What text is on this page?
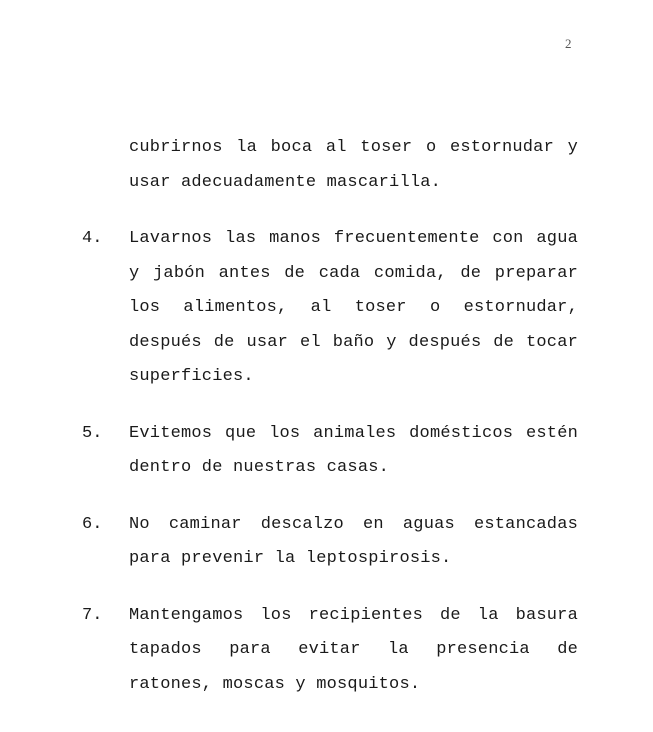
2
cubrirnos la boca al toser o estornudar y usar adecuadamente mascarilla.
4. Lavarnos las manos frecuentemente con agua y jabón antes de cada comida, de preparar los alimentos, al toser o estornudar, después de usar el baño y después de tocar superficies.
5. Evitemos que los animales domésticos estén dentro de nuestras casas.
6. No caminar descalzo en aguas estancadas para prevenir la leptospirosis.
7. Mantengamos los recipientes de la basura tapados para evitar la presencia de ratones, moscas y mosquitos.
